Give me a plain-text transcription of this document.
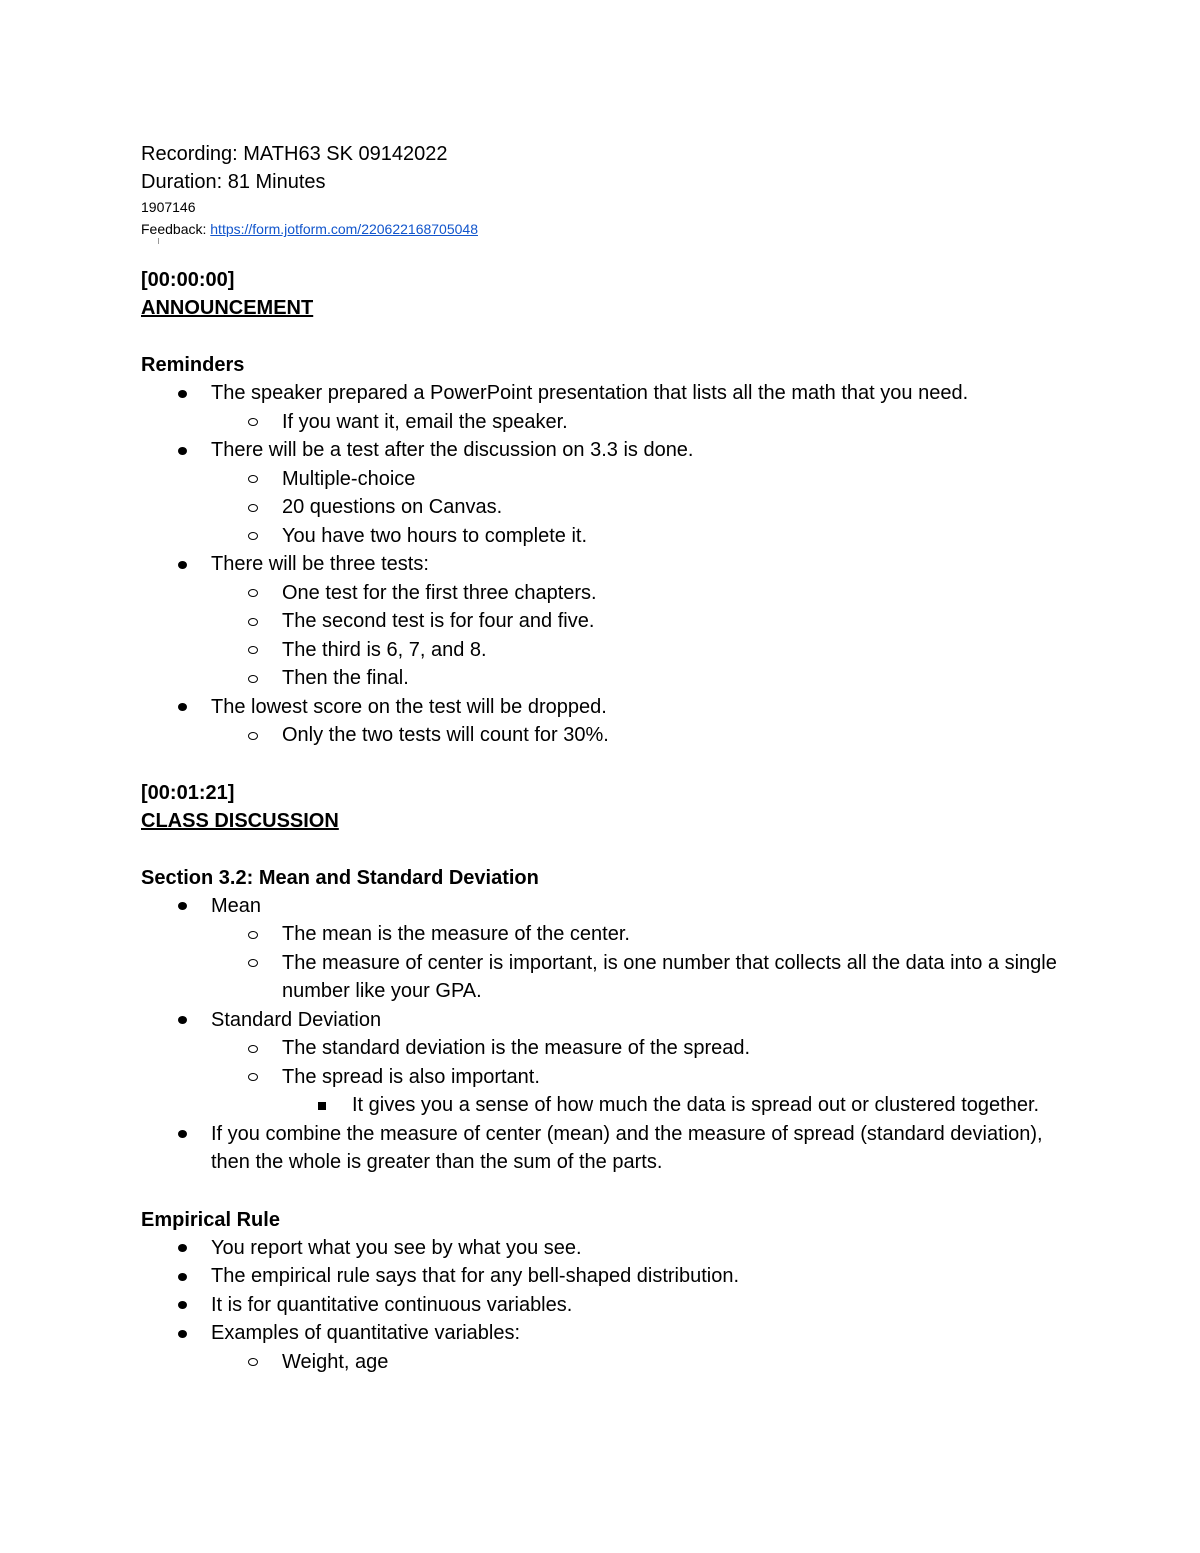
Recording: MATH63 SK 09142022

Duration: 81 Minutes

1907146

Feedback: https://form.jotform.com/220622168705048

[00:00:00]

ANNOUNCEMENT

Reminders

The speaker prepared a PowerPoint presentation that lists all the math that you need.
If you want it, email the speaker.
There will be a test after the discussion on 3.3 is done.
Multiple-choice
20 questions on Canvas.
You have two hours to complete it.
There will be three tests:
One test for the first three chapters.
The second test is for four and five.
The third is 6, 7, and 8.
Then the final.
The lowest score on the test will be dropped.
Only the two tests will count for 30%.

[00:01:21]

CLASS DISCUSSION

Section 3.2: Mean and Standard Deviation

Mean
The mean is the measure of the center.
The measure of center is important, is one number that collects all the data into a single number like your GPA.
Standard Deviation
The standard deviation is the measure of the spread.
The spread is also important.
It gives you a sense of how much the data is spread out or clustered together.
If you combine the measure of center (mean) and the measure of spread (standard deviation), then the whole is greater than the sum of the parts.

Empirical Rule

You report what you see by what you see.
The empirical rule says that for any bell-shaped distribution.
It is for quantitative continuous variables.
Examples of quantitative variables:
Weight, age
